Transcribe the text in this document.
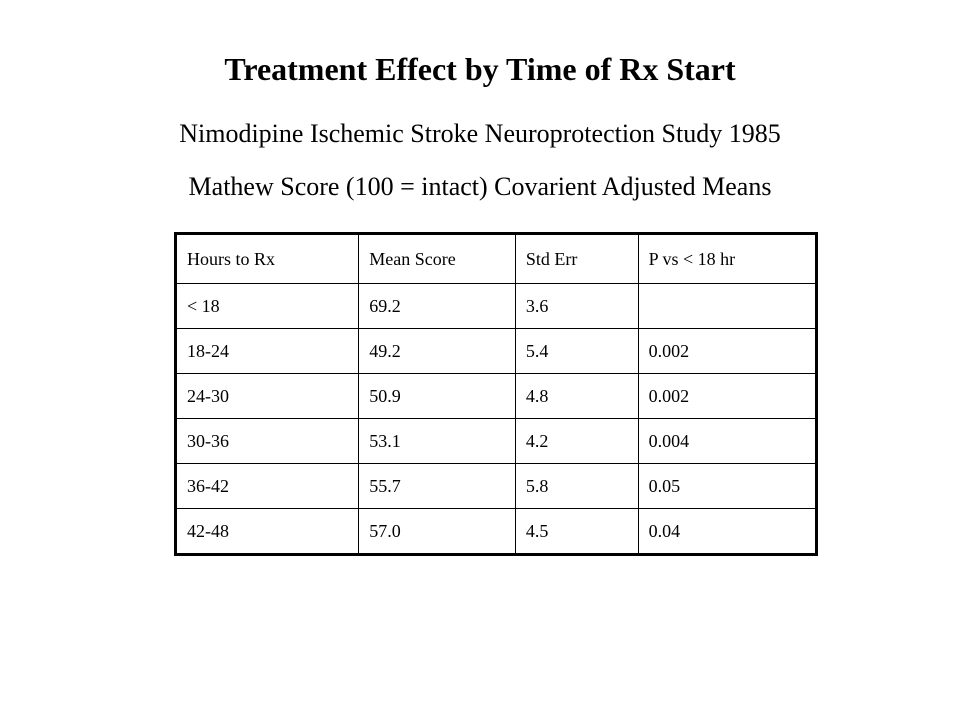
Treatment Effect by Time of Rx Start

Nimodipine Ischemic Stroke Neuroprotection Study 1985

Mathew Score (100 = intact) Covarient Adjusted Means

Hours to Rx	Mean Score	Std Err	P vs < 18 hr
< 18	69.2	3.6	
18-24	49.2	5.4	0.002
24-30	50.9	4.8	0.002
30-36	53.1	4.2	0.004
36-42	55.7	5.8	0.05
42-48	57.0	4.5	0.04
